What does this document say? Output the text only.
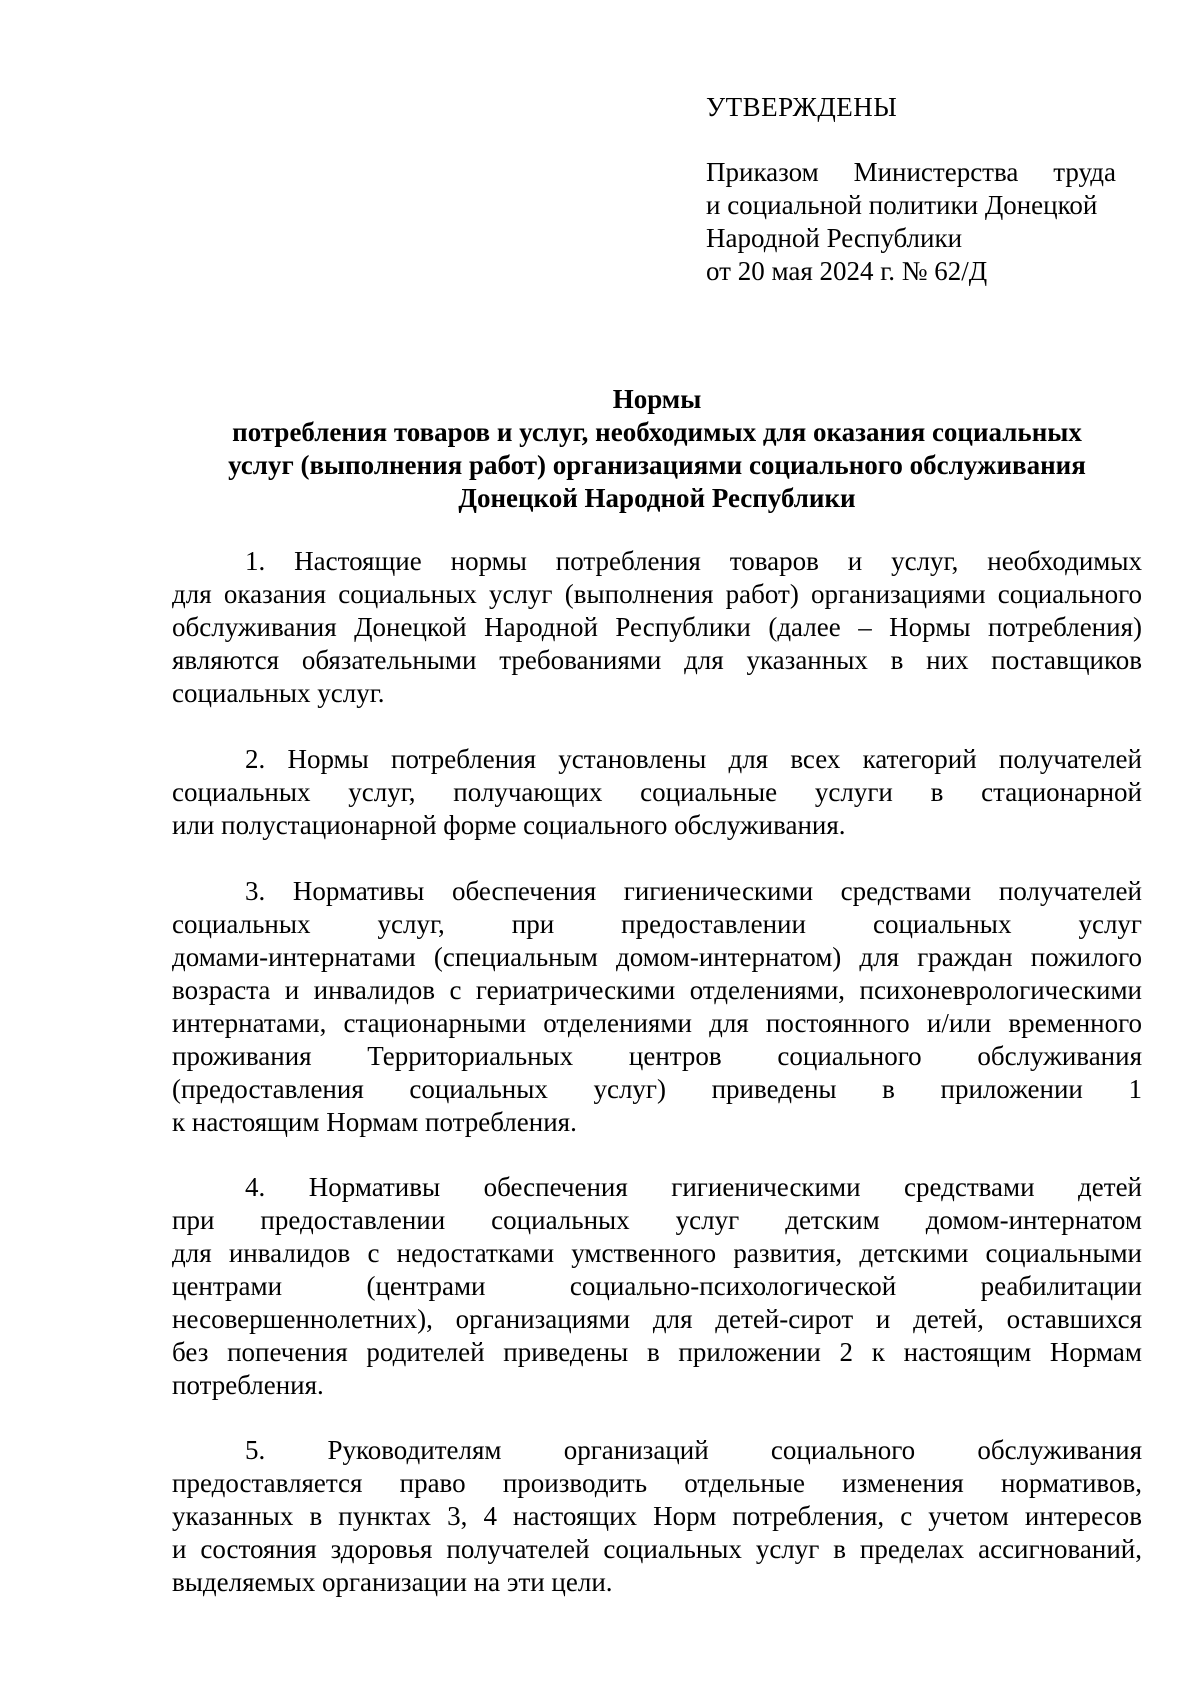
УТВЕРЖДЕНЫ
Приказом Министерства труда
и социальной политики Донецкой
Народной Республики
от 20 мая 2024 г. № 62/Д
Нормы
потребления товаров и услуг, необходимых для оказания социальных
услуг (выполнения работ) организациями социального обслуживания
Донецкой Народной Республики
1. Настоящие нормы потребления товаров и услуг, необходимых
для оказания социальных услуг (выполнения работ) организациями социального
обслуживания Донецкой Народной Республики (далее – Нормы потребления)
являются обязательными требованиями для указанных в них поставщиков
социальных услуг.
2. Нормы потребления установлены для всех категорий получателей
социальных услуг, получающих социальные услуги в стационарной
или полустационарной форме социального обслуживания.
3. Нормативы обеспечения гигиеническими средствами получателей
социальных услуг, при предоставлении социальных услуг
домами-интернатами (специальным домом-интернатом) для граждан пожилого
возраста и инвалидов с гериатрическими отделениями, психоневрологическими
интернатами, стационарными отделениями для постоянного и/или временного
проживания Территориальных центров социального обслуживания
(предоставления социальных услуг) приведены в приложении 1
к настоящим Нормам потребления.
4. Нормативы обеспечения гигиеническими средствами детей
при предоставлении социальных услуг детским домом-интернатом
для инвалидов с недостатками умственного развития, детскими социальными
центрами (центрами социально-психологической реабилитации
несовершеннолетних), организациями для детей-сирот и детей, оставшихся
без попечения родителей приведены в приложении 2 к настоящим Нормам
потребления.
5. Руководителям организаций социального обслуживания
предоставляется право производить отдельные изменения нормативов,
указанных в пунктах 3, 4 настоящих Норм потребления, с учетом интересов
и состояния здоровья получателей социальных услуг в пределах ассигнований,
выделяемых организации на эти цели.
